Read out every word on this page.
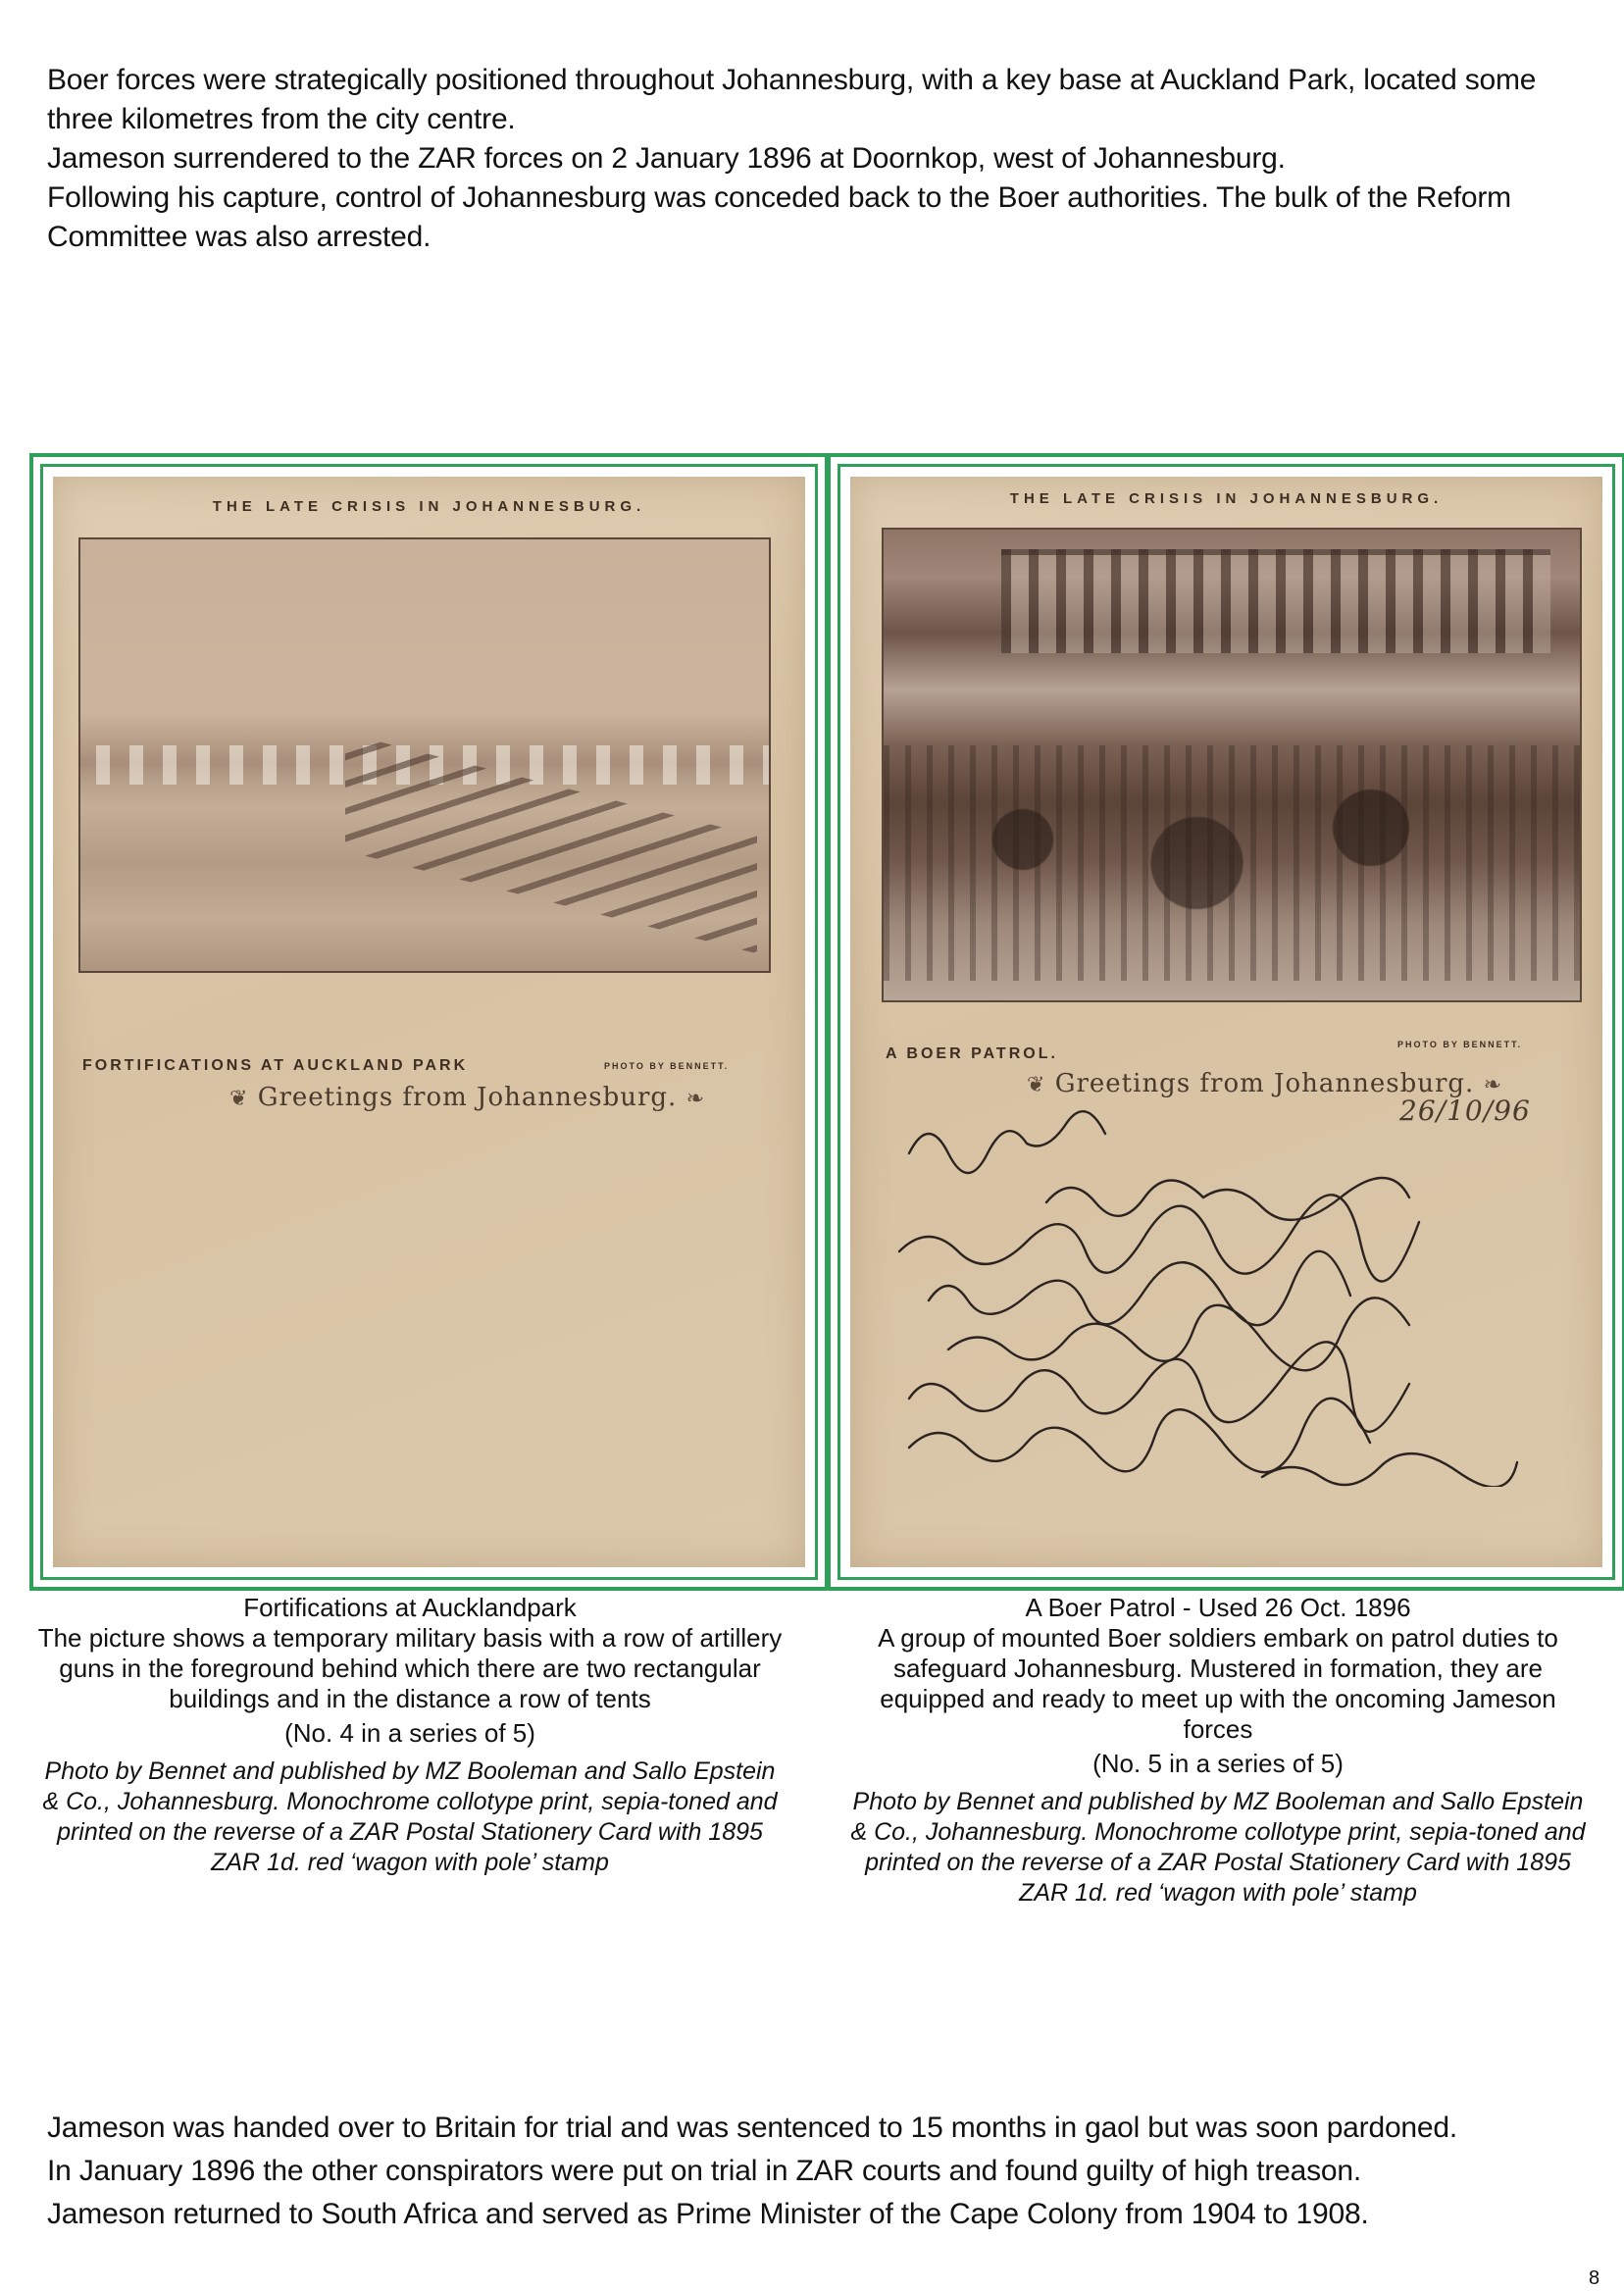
Boer forces were strategically positioned throughout Johannesburg, with a key base at Auckland Park, located some three kilometres from the city centre.

Jameson surrendered to the ZAR forces on 2 January 1896 at Doornkop, west of Johannesburg.

Following his capture, control of Johannesburg was conceded back to the Boer authorities. The bulk of the Reform Committee was also arrested.

THE LATE CRISIS IN JOHANNESBURG.
FORTIFICATIONS AT AUCKLAND PARK	PHOTO BY BENNETT.
❦ Greetings from Johannesburg. ❧
THE LATE CRISIS IN JOHANNESBURG.
A BOER PATROL.
PHOTO BY BENNETT.
❦ Greetings from Johannesburg. ❧
26/10/96

Fortifications at Aucklandpark

The picture shows a temporary military basis with a row of artillery guns in the foreground behind which there are two rectangular buildings and in the distance a row of tents

(No. 4 in a series of 5)

Photo by Bennet and published by MZ Booleman and Sallo Epstein & Co., Johannesburg. Monochrome collotype print, sepia-toned and printed on the reverse of a ZAR Postal Stationery Card with 1895 ZAR 1d. red ‘wagon with pole’ stamp

A Boer Patrol - Used 26 Oct. 1896

A group of mounted Boer soldiers embark on patrol duties to safeguard Johannesburg. Mustered in formation, they are equipped and ready to meet up with the oncoming Jameson forces

(No. 5 in a series of 5)

Photo by Bennet and published by MZ Booleman and Sallo Epstein & Co., Johannesburg. Monochrome collotype print, sepia-toned and printed on the reverse of a ZAR Postal Stationery Card with 1895 ZAR 1d. red ‘wagon with pole’ stamp

Jameson was handed over to Britain for trial and was sentenced to 15 months in gaol but was soon pardoned.

In January 1896 the other conspirators were put on trial in ZAR courts and found guilty of high treason.

Jameson returned to South Africa and served as Prime Minister of the Cape Colony from 1904 to 1908.

8
